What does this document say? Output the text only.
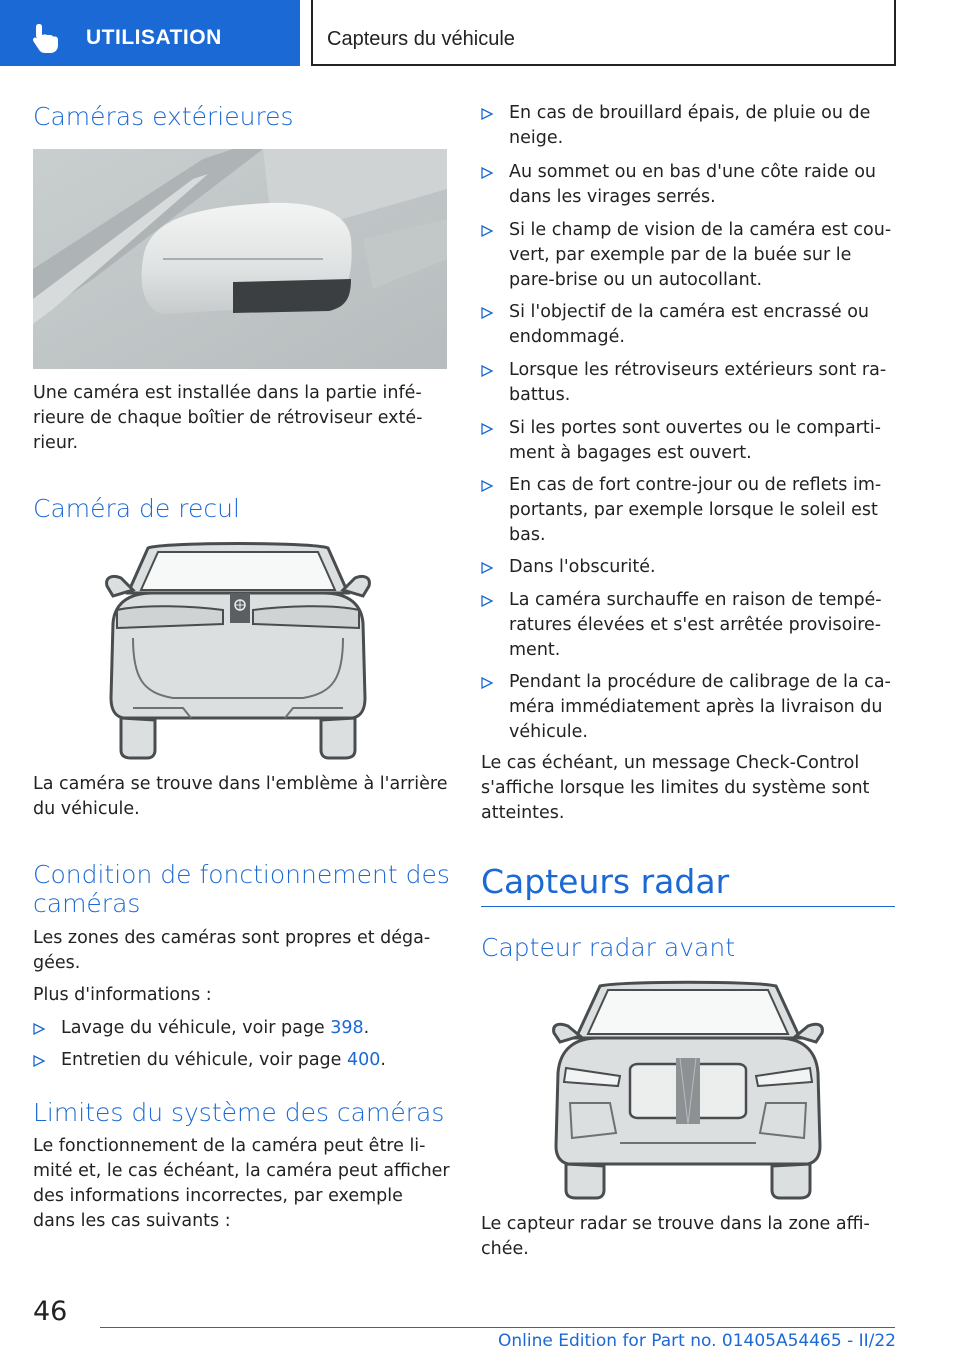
UTILISATION	Capteurs du véhicule
Caméras extérieures
Une caméra est installée dans la partie infé‐
rieure de chaque boîtier de rétroviseur exté‐
rieur.
Caméra de recul
La caméra se trouve dans l'emblème à l'arrière
du véhicule.
Condition de fonctionnement des
caméras
Les zones des caméras sont propres et déga‐
gées.
Plus d'informations :
Lavage du véhicule, voir page 398.
Entretien du véhicule, voir page 400.
Limites du système des caméras
Le fonctionnement de la caméra peut être li‐
mité et, le cas échéant, la caméra peut afficher
des informations incorrectes, par exemple
dans les cas suivants :
En cas de brouillard épais, de pluie ou de
neige.
Au sommet ou en bas d'une côte raide ou
dans les virages serrés.
Si le champ de vision de la caméra est cou‐
vert, par exemple par de la buée sur le
pare-brise ou un autocollant.
Si l'objectif de la caméra est encrassé ou
endommagé.
Lorsque les rétroviseurs extérieurs sont ra‐
battus.
Si les portes sont ouvertes ou le comparti‐
ment à bagages est ouvert.
En cas de fort contre-jour ou de reflets im‐
portants, par exemple lorsque le soleil est
bas.
Dans l'obscurité.
La caméra surchauffe en raison de tempé‐
ratures élevées et s'est arrêtée provisoire‐
ment.
Pendant la procédure de calibrage de la ca‐
méra immédiatement après la livraison du
véhicule.
Le cas échéant, un message Check-Control
s'affiche lorsque les limites du système sont
atteintes.
Capteurs radar
Capteur radar avant
Le capteur radar se trouve dans la zone affi‐
chée.
46
Online Edition for Part no. 01405A54465 - II/22
